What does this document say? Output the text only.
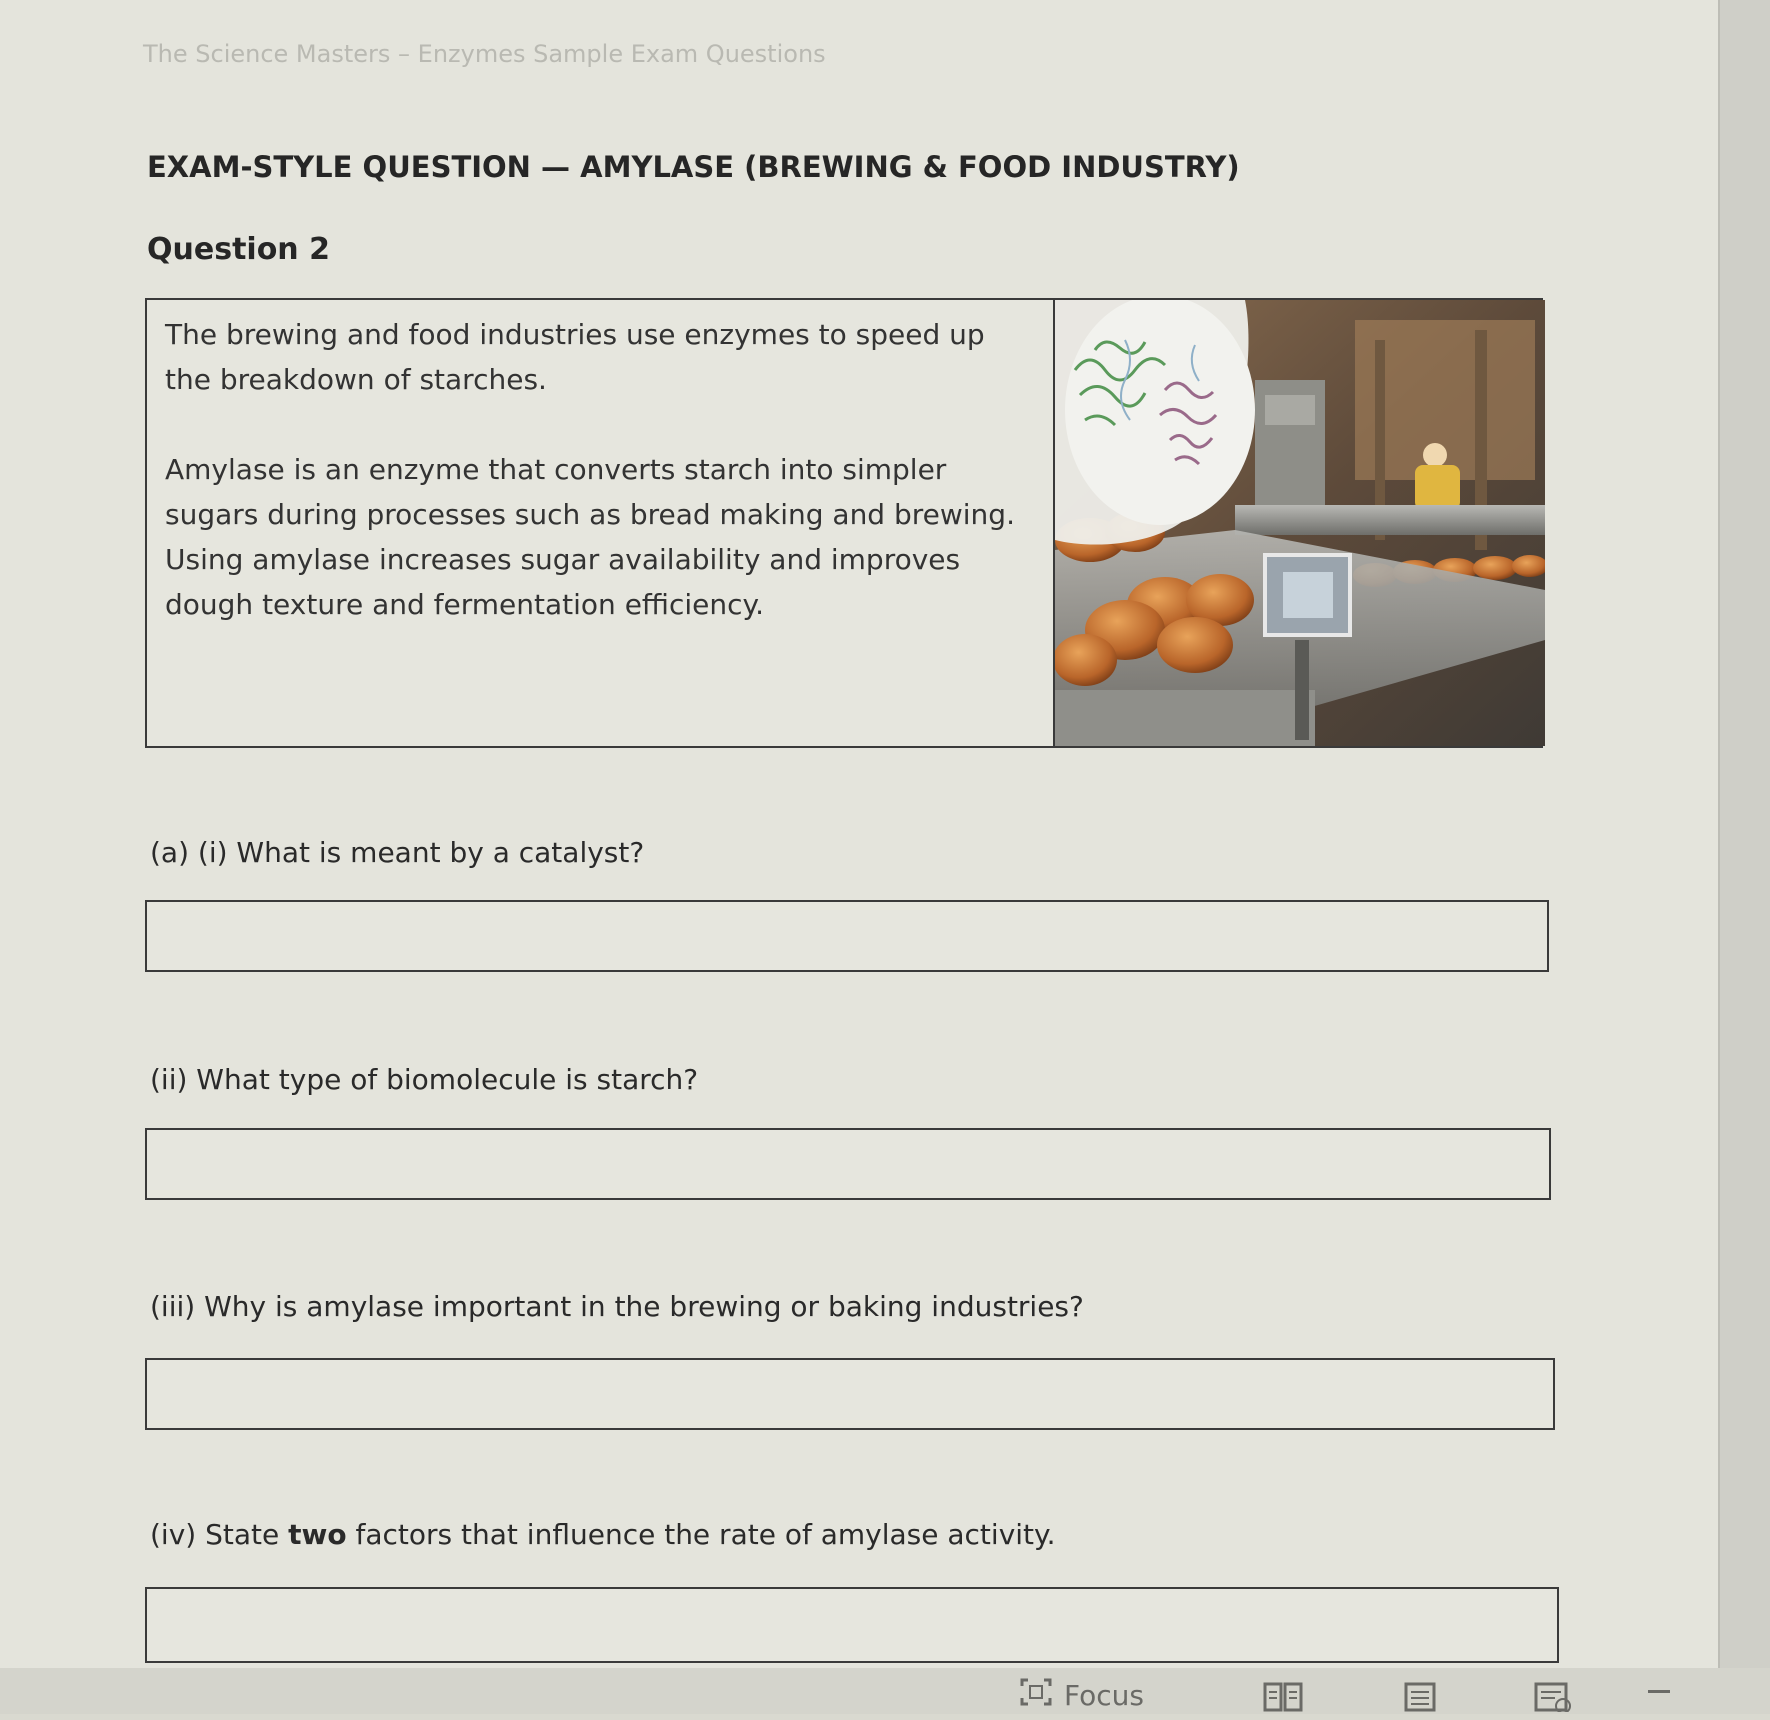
The Science Masters – Enzymes Sample Exam Questions
EXAM-STYLE QUESTION — AMYLASE (BREWING & FOOD INDUSTRY)
Question 2

The brewing and food industries use enzymes to speed up the breakdown of starches.

Amylase is an enzyme that converts starch into simpler sugars during processes such as bread making and brewing. Using amylase increases sugar availability and improves dough texture and fermentation efficiency.

(a) (i) What is meant by a catalyst?
(ii) What type of biomolecule is starch?
(iii) Why is amylase important in the brewing or baking industries?
(iv) State two factors that influence the rate of amylase activity.
Focus
